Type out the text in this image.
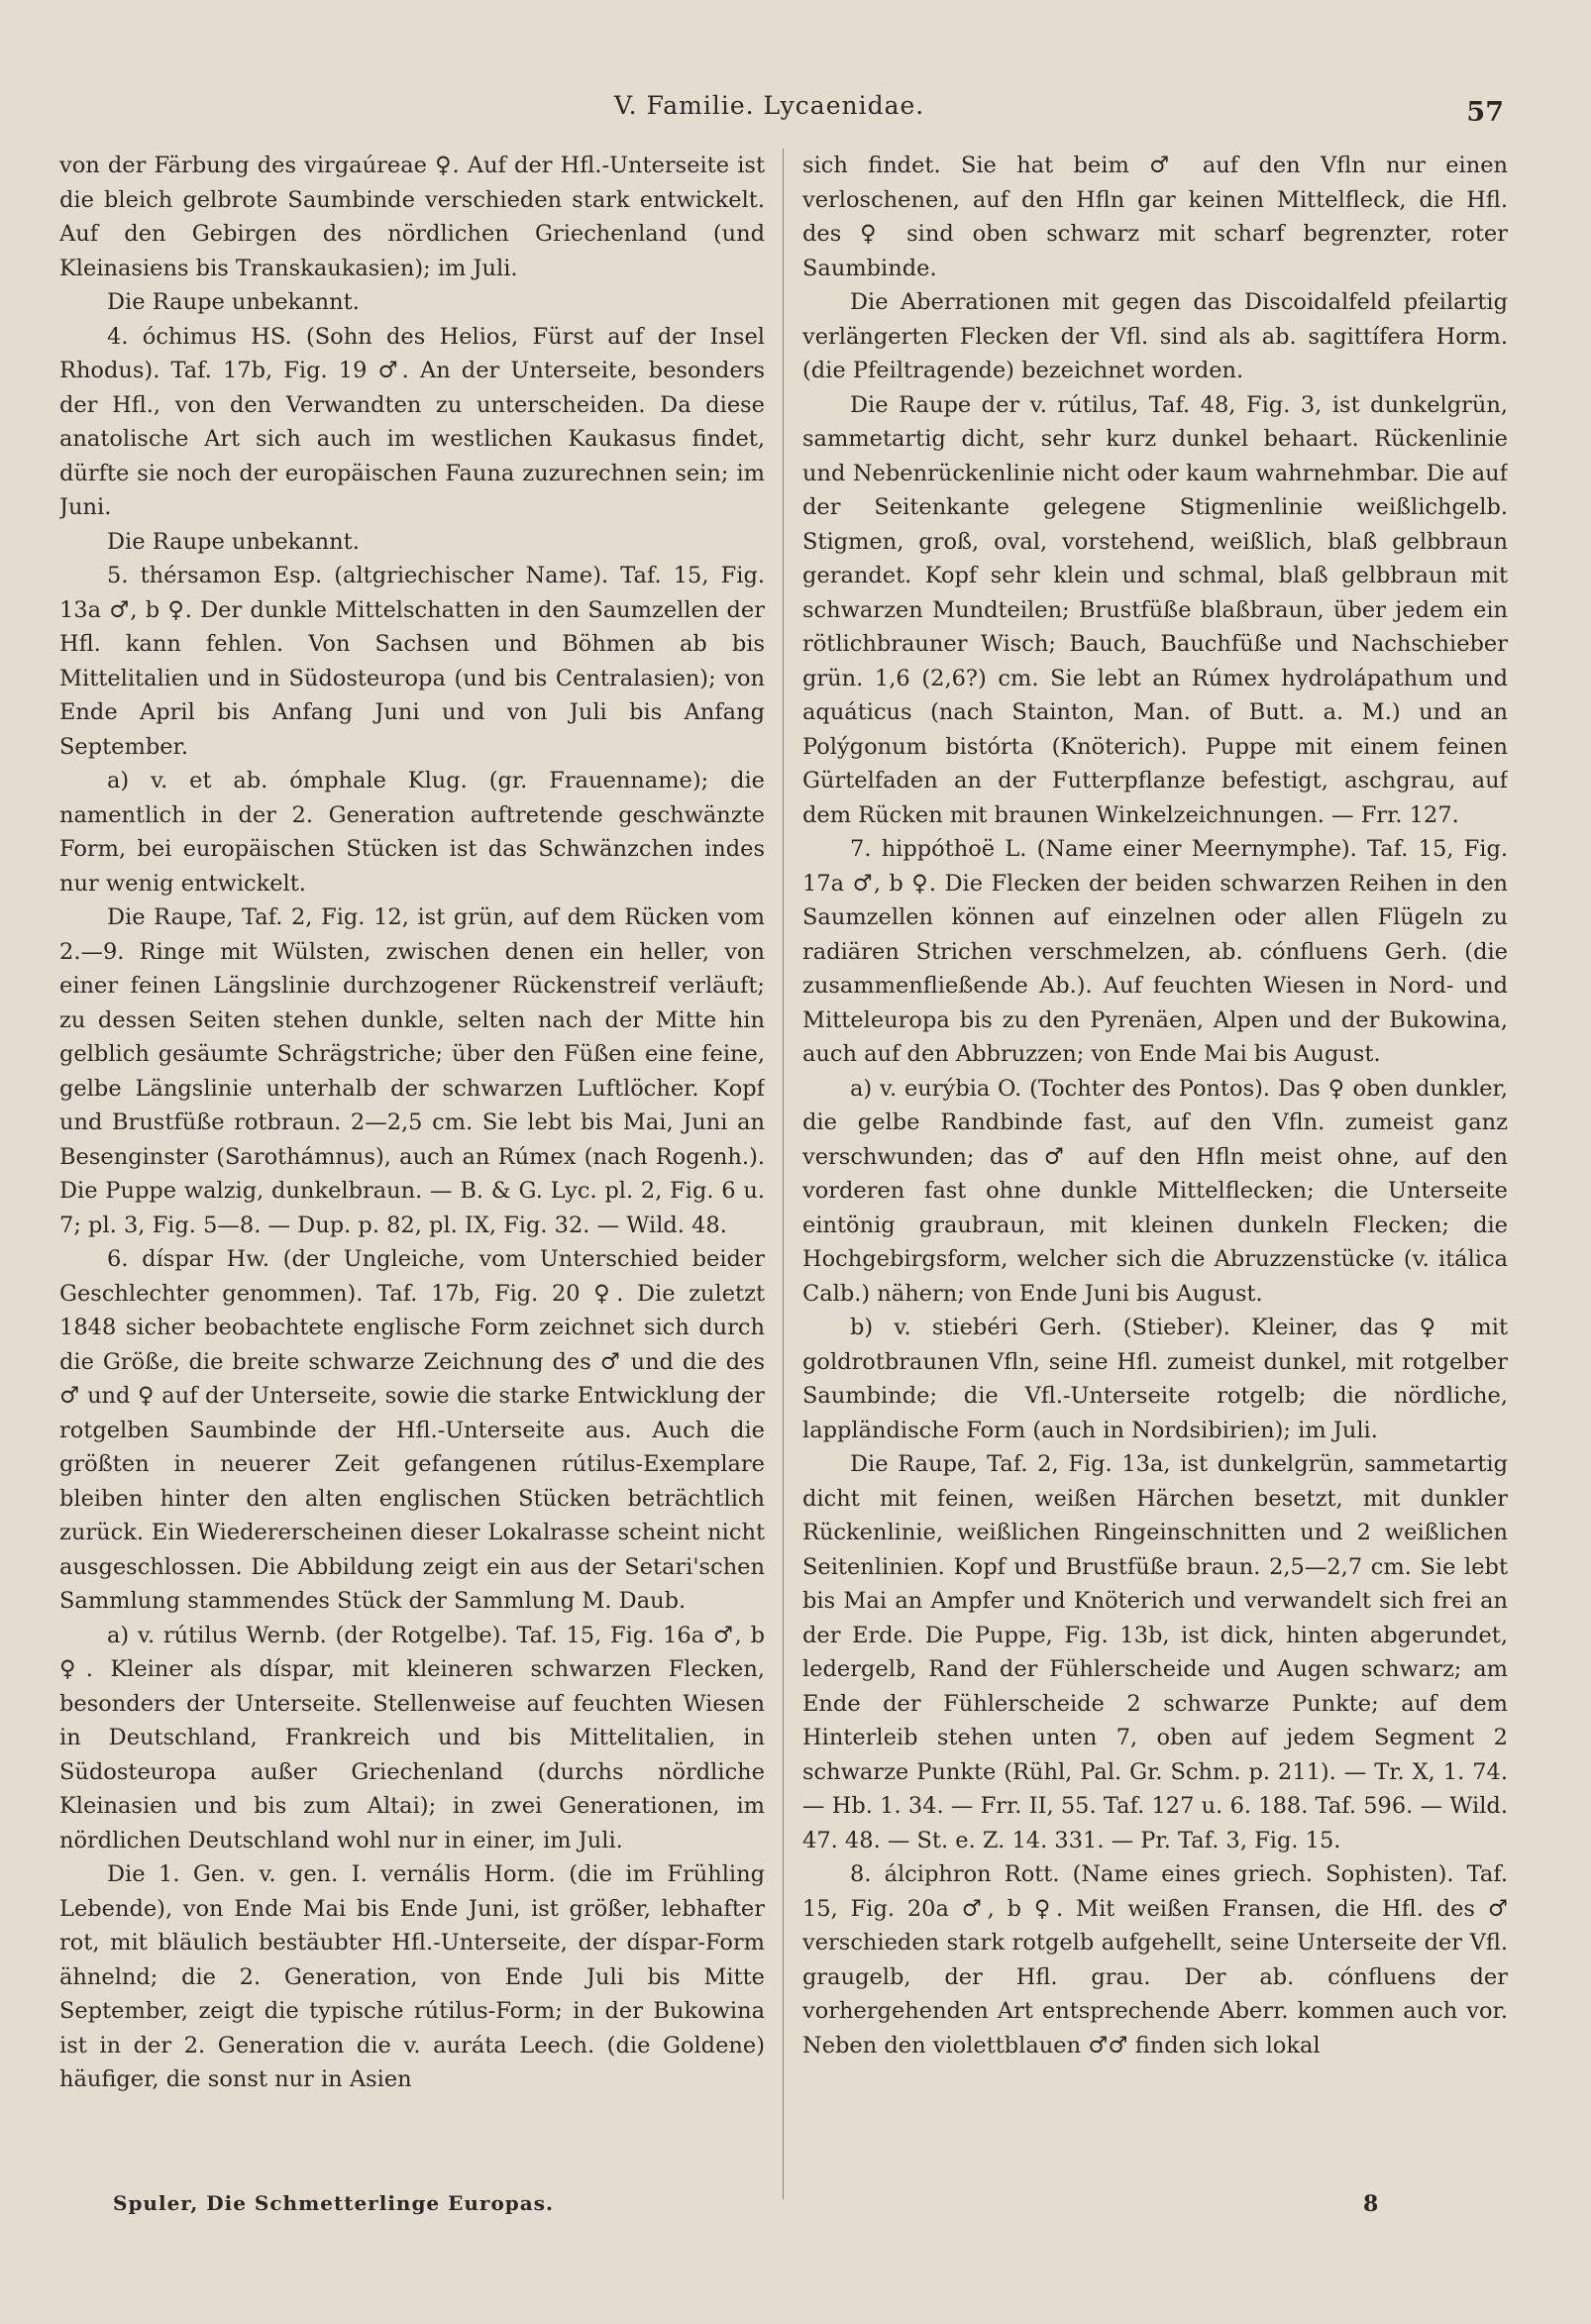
V. Familie. Lycaenidae.	57

von der Färbung des virgaúreae ♀. Auf der Hfl.-Unterseite ist die bleich gelbrote Saumbinde verschieden stark entwickelt. Auf den Gebirgen des nördlichen Griechenland (und Kleinasiens bis Transkaukasien); im Juli.

Die Raupe unbekannt.

4. óchimus HS. (Sohn des Helios, Fürst auf der Insel Rhodus). Taf. 17b, Fig. 19 ♂. An der Unterseite, besonders der Hfl., von den Verwandten zu unterscheiden. Da diese anatolische Art sich auch im westlichen Kaukasus findet, dürfte sie noch der europäischen Fauna zuzurechnen sein; im Juni.

Die Raupe unbekannt.

5. thérsamon Esp. (altgriechischer Name). Taf. 15, Fig. 13a ♂, b ♀. Der dunkle Mittelschatten in den Saumzellen der Hfl. kann fehlen. Von Sachsen und Böhmen ab bis Mittelitalien und in Südosteuropa (und bis Centralasien); von Ende April bis Anfang Juni und von Juli bis Anfang September.

a) v. et ab. ómphale Klug. (gr. Frauenname); die namentlich in der 2. Generation auftretende geschwänzte Form, bei europäischen Stücken ist das Schwänzchen indes nur wenig entwickelt.

Die Raupe, Taf. 2, Fig. 12, ist grün, auf dem Rücken vom 2.—9. Ringe mit Wülsten, zwischen denen ein heller, von einer feinen Längslinie durchzogener Rückenstreif verläuft; zu dessen Seiten stehen dunkle, selten nach der Mitte hin gelblich gesäumte Schrägstriche; über den Füßen eine feine, gelbe Längslinie unterhalb der schwarzen Luftlöcher. Kopf und Brustfüße rotbraun. 2—2,5 cm. Sie lebt bis Mai, Juni an Besenginster (Sarothámnus), auch an Rúmex (nach Rogenh.). Die Puppe walzig, dunkelbraun. — B. & G. Lyc. pl. 2, Fig. 6 u. 7; pl. 3, Fig. 5—8. — Dup. p. 82, pl. IX, Fig. 32. — Wild. 48.

6. díspar Hw. (der Ungleiche, vom Unterschied beider Geschlechter genommen). Taf. 17b, Fig. 20 ♀. Die zuletzt 1848 sicher beobachtete englische Form zeichnet sich durch die Größe, die breite schwarze Zeichnung des ♂ und die des ♂ und ♀ auf der Unterseite, sowie die starke Entwicklung der rotgelben Saumbinde der Hfl.-Unterseite aus. Auch die größten in neuerer Zeit gefangenen rútilus-Exemplare bleiben hinter den alten englischen Stücken beträchtlich zurück. Ein Wiedererscheinen dieser Lokalrasse scheint nicht ausgeschlossen. Die Abbildung zeigt ein aus der Setari'schen Sammlung stammendes Stück der Sammlung M. Daub.

a) v. rútilus Wernb. (der Rotgelbe). Taf. 15, Fig. 16a ♂, b ♀. Kleiner als díspar, mit kleineren schwarzen Flecken, besonders der Unterseite. Stellenweise auf feuchten Wiesen in Deutschland, Frankreich und bis Mittelitalien, in Südosteuropa außer Griechenland (durchs nördliche Kleinasien und bis zum Altai); in zwei Generationen, im nördlichen Deutschland wohl nur in einer, im Juli.

Die 1. Gen. v. gen. I. vernális Horm. (die im Frühling Lebende), von Ende Mai bis Ende Juni, ist größer, lebhafter rot, mit bläulich bestäubter Hfl.-Unterseite, der díspar-Form ähnelnd; die 2. Generation, von Ende Juli bis Mitte September, zeigt die typische rútilus-Form; in der Bukowina ist in der 2. Generation die v. auráta Leech. (die Goldene) häufiger, die sonst nur in Asien

sich findet. Sie hat beim ♂ auf den Vfln nur einen verloschenen, auf den Hfln gar keinen Mittelfleck, die Hfl. des ♀ sind oben schwarz mit scharf begrenzter, roter Saumbinde.

Die Aberrationen mit gegen das Discoidalfeld pfeilartig verlängerten Flecken der Vfl. sind als ab. sagittífera Horm. (die Pfeiltragende) bezeichnet worden.

Die Raupe der v. rútilus, Taf. 48, Fig. 3, ist dunkelgrün, sammetartig dicht, sehr kurz dunkel behaart. Rückenlinie und Nebenrückenlinie nicht oder kaum wahrnehmbar. Die auf der Seitenkante gelegene Stigmenlinie weißlichgelb. Stigmen, groß, oval, vorstehend, weißlich, blaß gelbbraun gerandet. Kopf sehr klein und schmal, blaß gelbbraun mit schwarzen Mundteilen; Brustfüße blaßbraun, über jedem ein rötlichbrauner Wisch; Bauch, Bauchfüße und Nachschieber grün. 1,6 (2,6?) cm. Sie lebt an Rúmex hydrolápathum und aquáticus (nach Stainton, Man. of Butt. a. M.) und an Polýgonum bistórta (Knöterich). Puppe mit einem feinen Gürtelfaden an der Futterpflanze befestigt, aschgrau, auf dem Rücken mit braunen Winkelzeichnungen. — Frr. 127.

7. hippóthoë L. (Name einer Meernymphe). Taf. 15, Fig. 17a ♂, b ♀. Die Flecken der beiden schwarzen Reihen in den Saumzellen können auf einzelnen oder allen Flügeln zu radiären Strichen verschmelzen, ab. cónfluens Gerh. (die zusammenfließende Ab.). Auf feuchten Wiesen in Nord- und Mitteleuropa bis zu den Pyrenäen, Alpen und der Bukowina, auch auf den Abbruzzen; von Ende Mai bis August.

a) v. eurýbia O. (Tochter des Pontos). Das ♀ oben dunkler, die gelbe Randbinde fast, auf den Vfln. zumeist ganz verschwunden; das ♂ auf den Hfln meist ohne, auf den vorderen fast ohne dunkle Mittelflecken; die Unterseite eintönig graubraun, mit kleinen dunkeln Flecken; die Hochgebirgsform, welcher sich die Abruzzenstücke (v. itálica Calb.) nähern; von Ende Juni bis August.

b) v. stiebéri Gerh. (Stieber). Kleiner, das ♀ mit goldrotbraunen Vfln, seine Hfl. zumeist dunkel, mit rotgelber Saumbinde; die Vfl.-Unterseite rotgelb; die nördliche, lappländische Form (auch in Nordsibirien); im Juli.

Die Raupe, Taf. 2, Fig. 13a, ist dunkelgrün, sammetartig dicht mit feinen, weißen Härchen besetzt, mit dunkler Rückenlinie, weißlichen Ringeinschnitten und 2 weißlichen Seitenlinien. Kopf und Brustfüße braun. 2,5—2,7 cm. Sie lebt bis Mai an Ampfer und Knöterich und verwandelt sich frei an der Erde. Die Puppe, Fig. 13b, ist dick, hinten abgerundet, ledergelb, Rand der Fühlerscheide und Augen schwarz; am Ende der Fühlerscheide 2 schwarze Punkte; auf dem Hinterleib stehen unten 7, oben auf jedem Segment 2 schwarze Punkte (Rühl, Pal. Gr. Schm. p. 211). — Tr. X, 1. 74. — Hb. 1. 34. — Frr. II, 55. Taf. 127 u. 6. 188. Taf. 596. — Wild. 47. 48. — St. e. Z. 14. 331. — Pr. Taf. 3, Fig. 15.

8. álciphron Rott. (Name eines griech. Sophisten). Taf. 15, Fig. 20a ♂, b ♀. Mit weißen Fransen, die Hfl. des ♂ verschieden stark rotgelb aufgehellt, seine Unterseite der Vfl. graugelb, der Hfl. grau. Der ab. cónfluens der vorhergehenden Art entsprechende Aberr. kommen auch vor. Neben den violettblauen ♂♂ finden sich lokal

Spuler, Die Schmetterlinge Europas.	8
